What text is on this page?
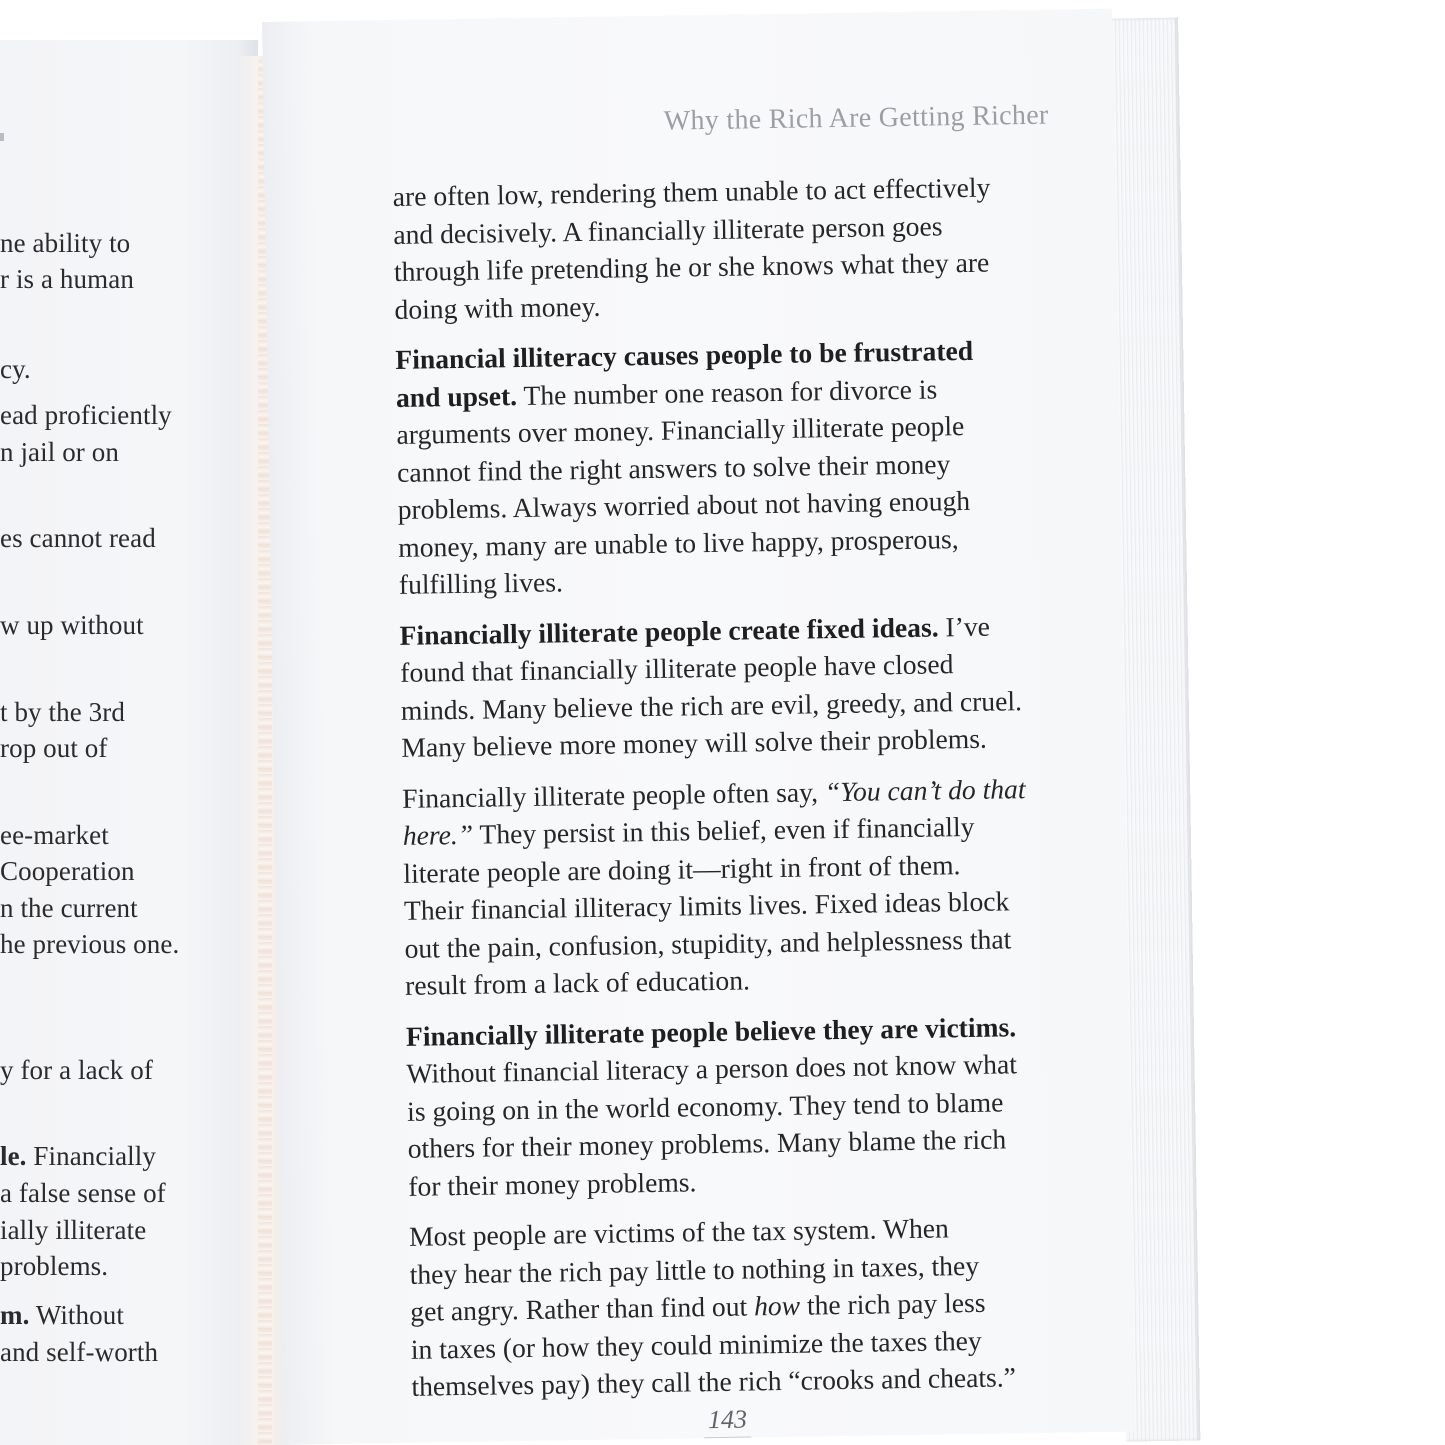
ne ability to
r is a human
cy.
ead proficiently
n jail or on
es cannot read
w up without
t by the 3rd
rop out of
ee-market
Cooperation
n the current
he previous one.
y for a lack of
le. Financially
a false sense of
ially illiterate
problems.
m. Without
and self-worth
Why the Rich Are Getting Richer

are often low, rendering them unable to act effectively
and decisively. A financially illiterate person goes
through life pretending he or she knows what they are
doing with money.

Financial illiteracy causes people to be frustrated
and upset. The number one reason for divorce is
arguments over money. Financially illiterate people
cannot find the right answers to solve their money
problems. Always worried about not having enough
money, many are unable to live happy, prosperous,
fulfilling lives.

Financially illiterate people create fixed ideas. I’ve
found that financially illiterate people have closed
minds. Many believe the rich are evil, greedy, and cruel.
Many believe more money will solve their problems.

Financially illiterate people often say, “You can’t do that
here.” They persist in this belief, even if financially
literate people are doing it—right in front of them.
Their financial illiteracy limits lives. Fixed ideas block
out the pain, confusion, stupidity, and helplessness that
result from a lack of education.

Financially illiterate people believe they are victims.
Without financial literacy a person does not know what
is going on in the world economy. They tend to blame
others for their money problems. Many blame the rich
for their money problems.

Most people are victims of the tax system. When
they hear the rich pay little to nothing in taxes, they
get angry. Rather than find out how the rich pay less
in taxes (or how they could minimize the taxes they
themselves pay) they call the rich “crooks and cheats.”

143
